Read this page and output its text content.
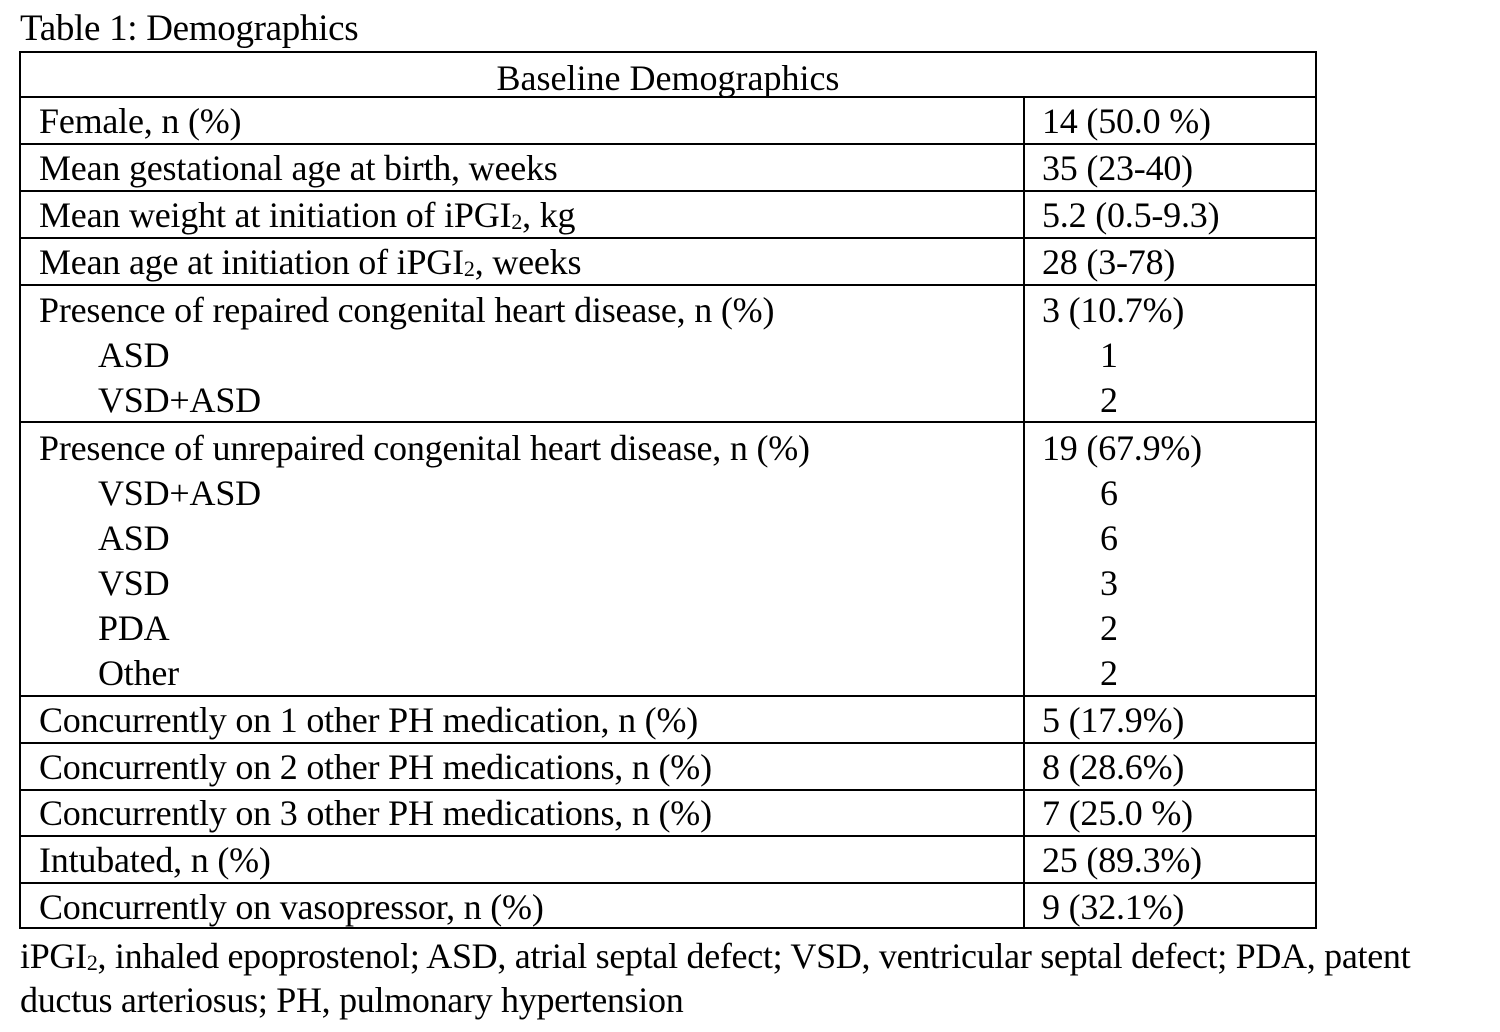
Table 1: Demographics
Baseline Demographics
Female, n (%)	14 (50.0 %)
Mean gestational age at birth, weeks	35 (23-40)
Mean weight at initiation of iPGI$_2$, kg	5.2 (0.5-9.3)
Mean age at initiation of iPGI$_2$, weeks	28 (3-78)
Presence of repaired congenital heart disease, n (%)	3 (10.7%)
ASD	1
VSD+ASD	2
Presence of unrepaired congenital heart disease, n (%)	19 (67.9%)
VSD+ASD	6
ASD	6
VSD	3
PDA	2
Other	2
Concurrently on 1 other PH medication, n (%)	5 (17.9%)
Concurrently on 2 other PH medications, n (%)	8 (28.6%)
Concurrently on 3 other PH medications, n (%)	7 (25.0 %)
Intubated, n (%)	25 (89.3%)
Concurrently on vasopressor, n (%)	9 (32.1%)
iPGI$_2$, inhaled epoprostenol; ASD, atrial septal defect; VSD, ventricular septal defect; PDA, patent ductus arteriosus; PH, pulmonary hypertension
